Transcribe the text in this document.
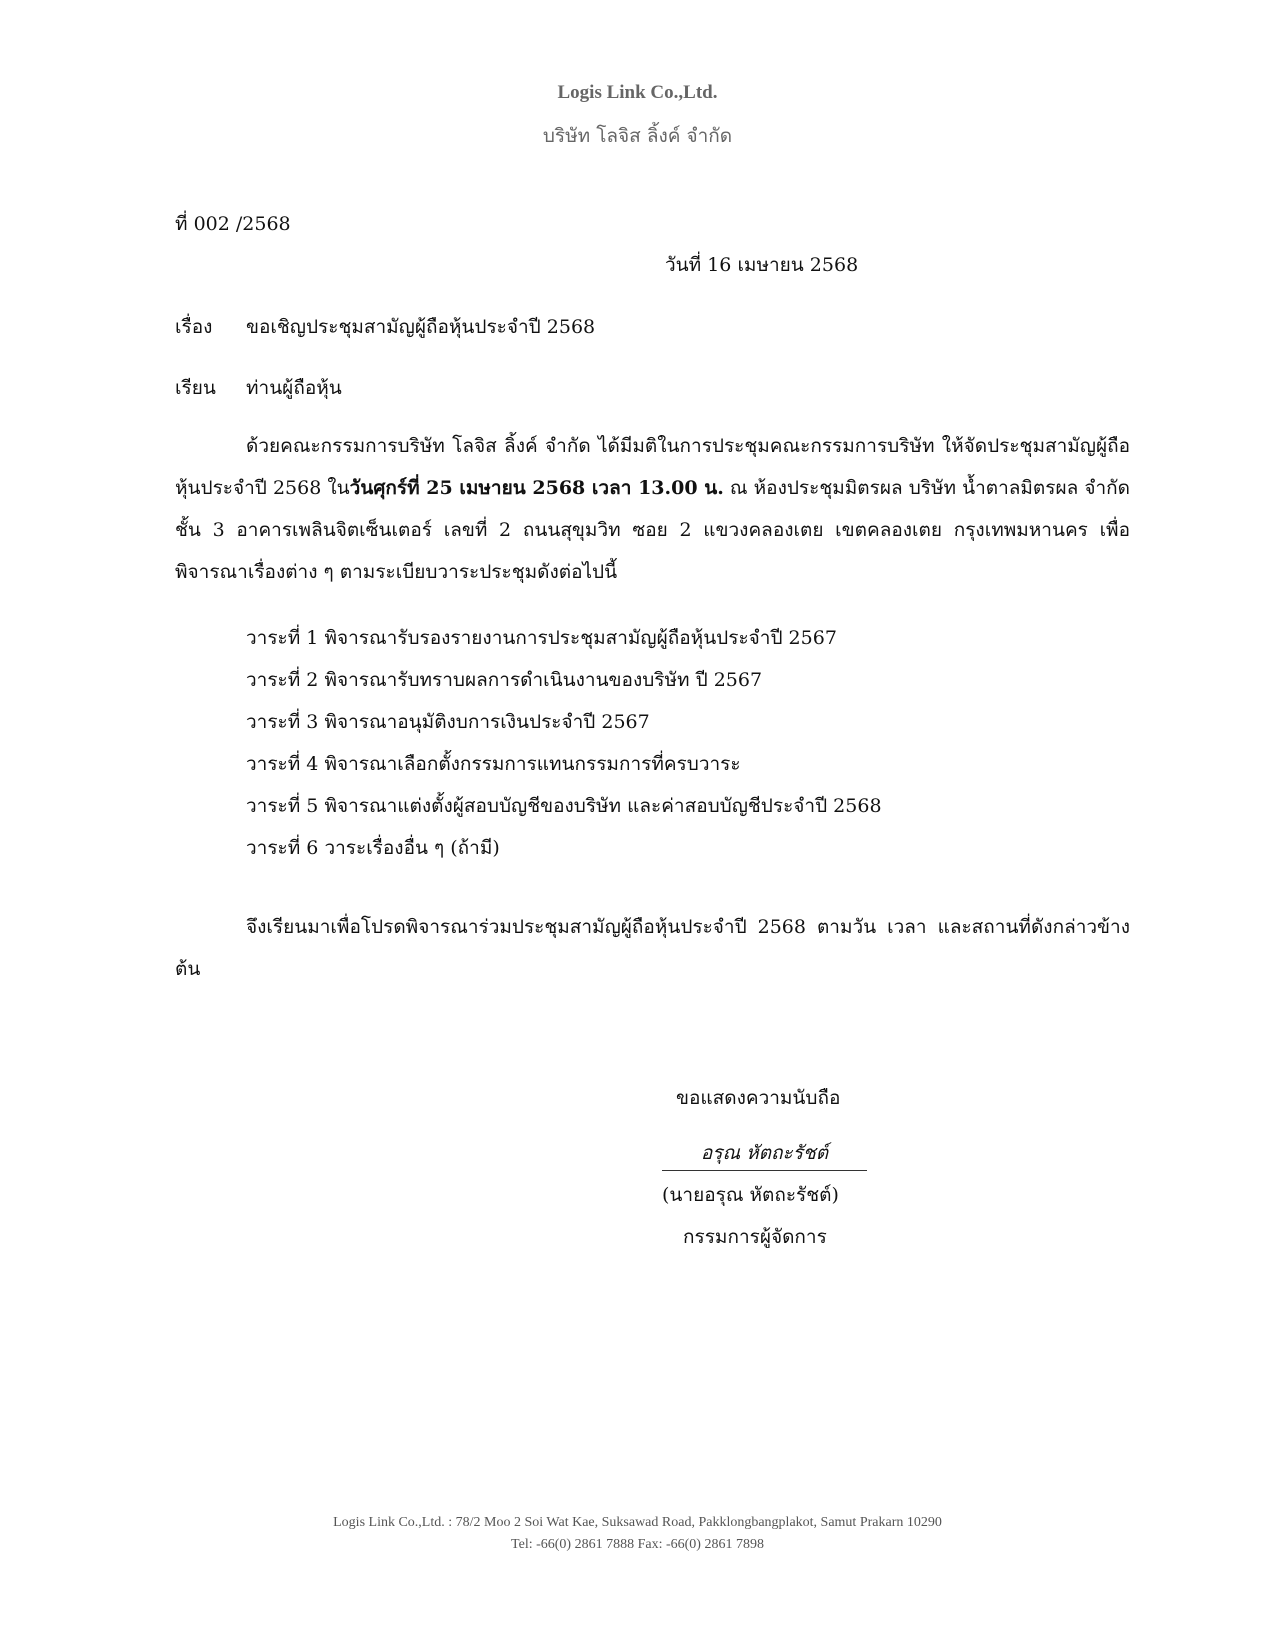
Logis Link Co.,Ltd.
บริษัท โลจิส ลิ้งค์ จำกัด
ที่ 002 /2568
วันที่ 16 เมษายน 2568
เรื่อง ขอเชิญประชุมสามัญผู้ถือหุ้นประจำปี 2568
เรียน ท่านผู้ถือหุ้น
ด้วยคณะกรรมการบริษัท โลจิส ลิ้งค์ จำกัด ได้มีมติในการประชุมคณะกรรมการบริษัท ให้จัดประชุมสามัญผู้ถือหุ้นประจำปี 2568 ในวันศุกร์ที่ 25 เมษายน 2568 เวลา 13.00 น. ณ ห้องประชุมมิตรผล บริษัท น้ำตาลมิตรผล จำกัด ชั้น 3 อาคารเพลินจิตเซ็นเตอร์ เลขที่ 2 ถนนสุขุมวิท ซอย 2 แขวงคลองเตย เขตคลองเตย กรุงเทพมหานคร เพื่อพิจารณาเรื่องต่าง ๆ ตามระเบียบวาระประชุมดังต่อไปนี้
วาระที่ 1 พิจารณารับรองรายงานการประชุมสามัญผู้ถือหุ้นประจำปี 2567
วาระที่ 2 พิจารณารับทราบผลการดำเนินงานของบริษัท ปี 2567
วาระที่ 3 พิจารณาอนุมัติงบการเงินประจำปี 2567
วาระที่ 4 พิจารณาเลือกตั้งกรรมการแทนกรรมการที่ครบวาระ
วาระที่ 5 พิจารณาแต่งตั้งผู้สอบบัญชีของบริษัท และค่าสอบบัญชีประจำปี 2568
วาระที่ 6 วาระเรื่องอื่น ๆ (ถ้ามี)
จึงเรียนมาเพื่อโปรดพิจารณาร่วมประชุมสามัญผู้ถือหุ้นประจำปี 2568 ตามวัน เวลา และสถานที่ดังกล่าวข้างต้น
ขอแสดงความนับถือ
อรุณ หัตถะรัชต์
(นายอรุณ หัตถะรัชต์)
กรรมการผู้จัดการ
Logis Link Co.,Ltd. : 78/2 Moo 2 Soi Wat Kae, Suksawad Road, Pakklongbangplakot, Samut Prakarn 10290
Tel: -66(0) 2861 7888 Fax: -66(0) 2861 7898
